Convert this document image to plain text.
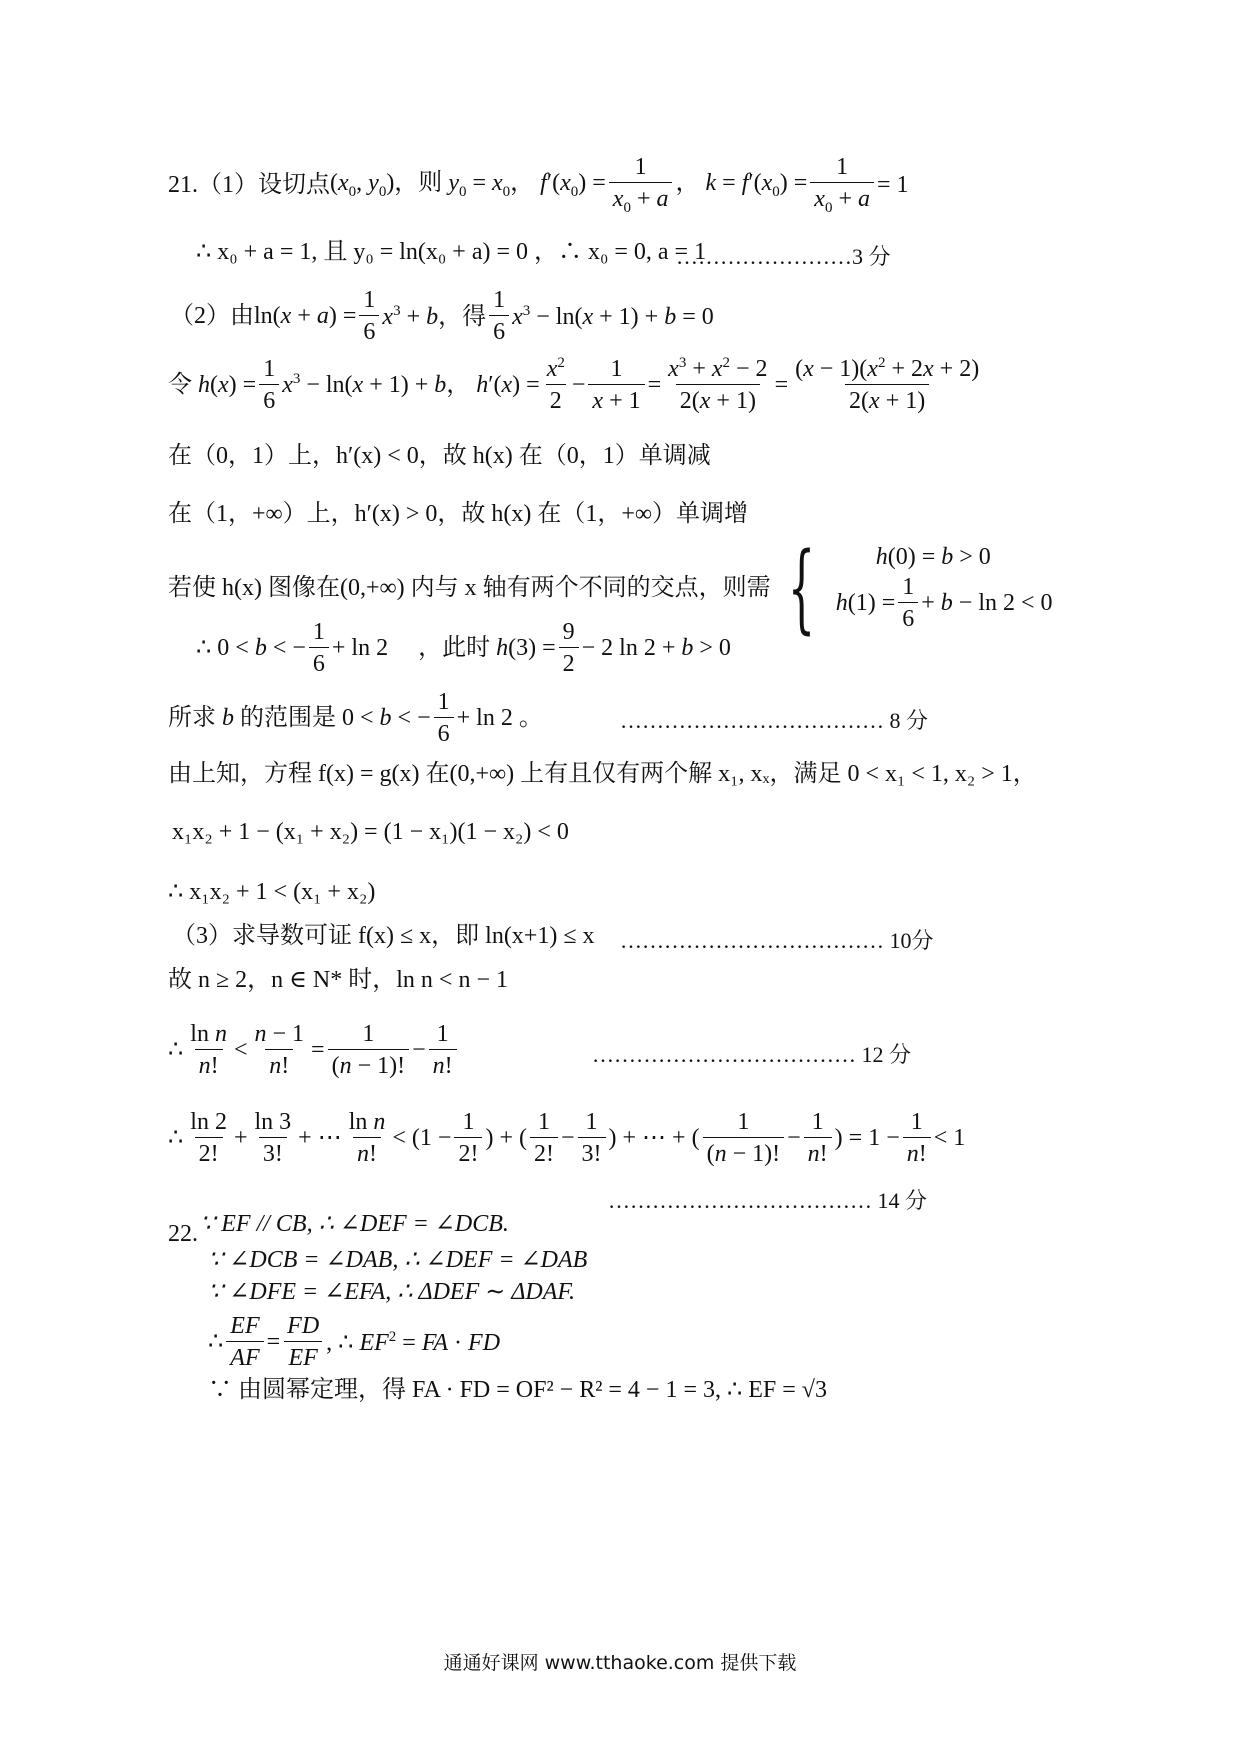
21.（1）设切点 ($x_0$, $y_0$)，则 $y_0 = x_0$， $f'(x_0) = \frac{1}{x_0 + a}$ ， $k = f'(x_0) = \frac{1}{x_0 + a} = 1$
∴ x₀ + a = 1, 且 y₀ = ln(x₀ + a) = 0 ，∴ x₀ = 0, a = 1
……………………3 分
（2）由 $\ln(x + a) = \frac{1}{6} x^3 + b$，得 $\frac{1}{6} x^3 - \ln(x + 1) + b = 0$
令 $h(x) = \frac{1}{6} x^3 - \ln(x + 1) + b$， $h'(x) = \frac{x^2}{2} - \frac{1}{x + 1} = \frac{x^3 + x^2 - 2}{2(x + 1)} = \frac{(x - 1)(x^2 + 2x + 2)}{2(x + 1)}$
在（0，1）上，h′(x) < 0，故 h(x) 在（0，1）单调减
在（1，+∞）上，h′(x) > 0，故 h(x) 在（1，+∞）单调增
若使 h(x) 图像在(0,+∞) 内与 x 轴有两个不同的交点，则需 {	h(0) = b > 0
$h(1) = \frac{1}{6} + b - \ln 2 < 0$
∴ 0 < b < − $\frac{1}{6} + \ln 2$     ，此时 $h(3) = \frac{9}{2} - 2$ ln 2 + b > 0
所求 b 的范围是 0 < b < − $\frac{1}{6} + \ln 2$ 。	……………………………… 8 分
由上知，方程 f(x) = g(x) 在(0,+∞) 上有且仅有两个解 x₁, xₓ，满足 0 < x₁ < 1, x₂ > 1，
x₁x₂ + 1 − (x₁ + x₂) = (1 − x₁)(1 − x₂) < 0
∴ x₁x₂ + 1 < (x₁ + x₂)
（3）求导数可证 f(x) ≤ x，即 ln(x+1) ≤ x ……………………………… 10分
故 n ≥ 2，n ∈ N* 时，ln n < n − 1
∴ $\frac{\text{ln n}}{n!} < \frac{n - 1}{n!} = \frac{1}{(n - 1)!} - \frac{1}{n!}$	……………………………… 12 分
∴ $\frac{\ln 2}{2!} + \frac{\ln 3}{3!}$ + ⋯ $\frac{\text{ln n}}{n!} < (1 - \frac{1}{2!}$ ) + ( $\frac{1}{2!} - \frac{1}{3!}$ ) + ⋯ + ( $\frac{1}{(n - 1)!} - \frac{1}{n!}$ ) = $1 - \frac{1}{n!} < 1$
……………………………… 14 分
22. ∵ EF // CB, ∴ ∠DEF = ∠DCB.
∵ ∠DCB = ∠DAB, ∴ ∠DEF = ∠DAB
∵ ∠DFE = ∠EFA, ∴ ΔDEF ∼ ΔDAF.
∴ $\frac{EF}{AF} = \frac{FD}{EF}$ , ∴ $EF^2$ = FA · FD
∵ 由圆幂定理，得 FA · FD = OF² − R² = 4 − 1 = 3, ∴ EF = √3
通通好课网 www.tthaoke.com 提供下载
